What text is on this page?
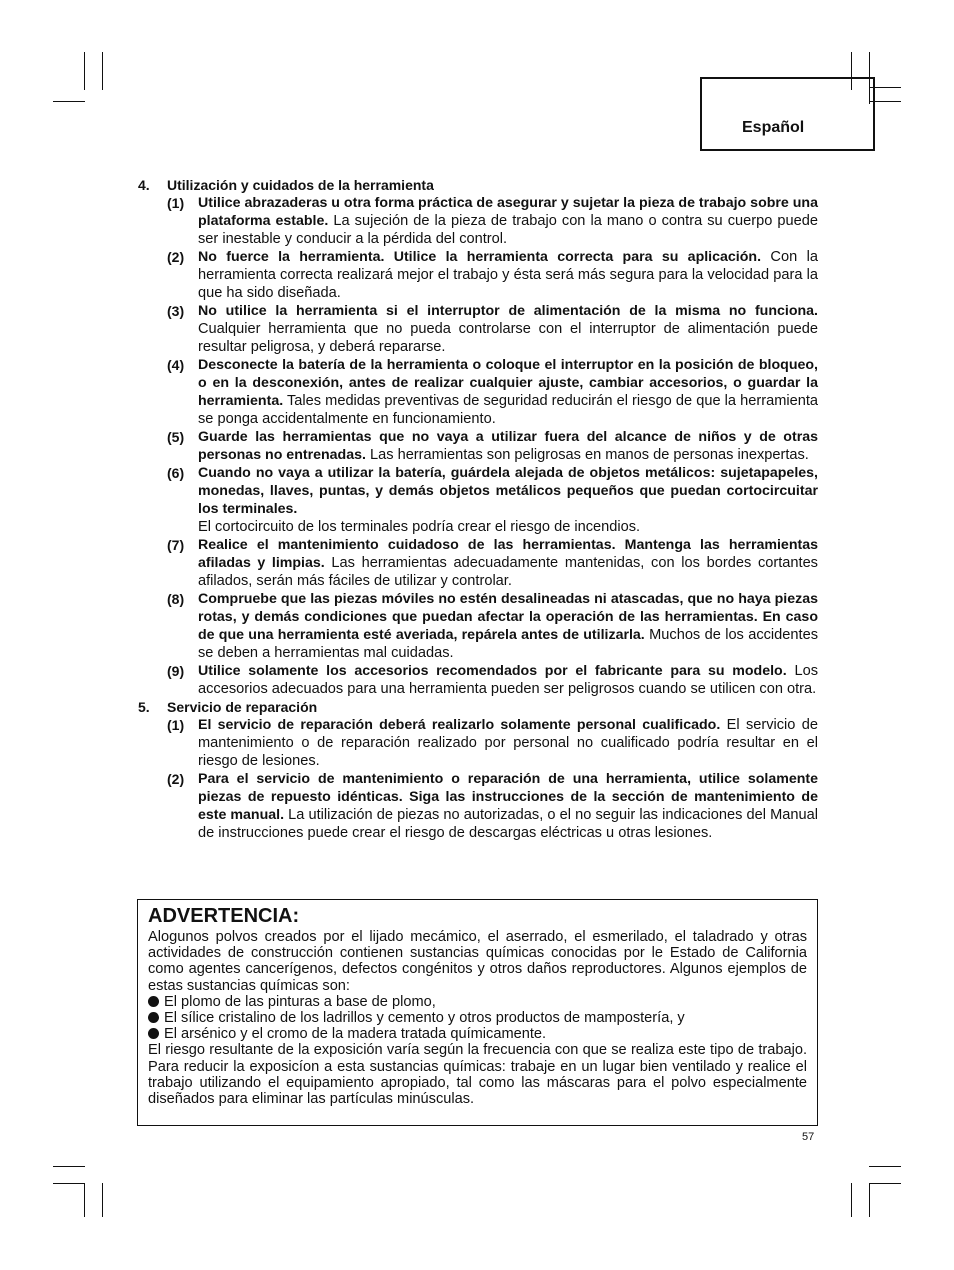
Español
4. Utilización y cuidados de la herramienta
(1) Utilice abrazaderas u otra forma práctica de asegurar y sujetar la pieza de trabajo sobre una plataforma estable. La sujeción de la pieza de trabajo con la mano o contra su cuerpo puede ser inestable y conducir a la pérdida del control.
(2) No fuerce la herramienta. Utilice la herramienta correcta para su aplicación. Con la herramienta correcta realizará mejor el trabajo y ésta será más segura para la velocidad para la que ha sido diseñada.
(3) No utilice la herramienta si el interruptor de alimentación de la misma no funciona. Cualquier herramienta que no pueda controlarse con el interruptor de alimentación puede resultar peligrosa, y deberá repararse.
(4) Desconecte la batería de la herramienta o coloque el interruptor en la posición de bloqueo, o en la desconexión, antes de realizar cualquier ajuste, cambiar accesorios, o guardar la herramienta. Tales medidas preventivas de seguridad reducirán el riesgo de que la herramienta se ponga accidentalmente en funcionamiento.
(5) Guarde las herramientas que no vaya a utilizar fuera del alcance de niños y de otras personas no entrenadas. Las herramientas son peligrosas en manos de personas inexpertas.
(6) Cuando no vaya a utilizar la batería, guárdela alejada de objetos metálicos: sujetapapeles, monedas, llaves, puntas, y demás objetos metálicos pequeños que puedan cortocircuitar los terminales.
El cortocircuito de los terminales podría crear el riesgo de incendios.
(7) Realice el mantenimiento cuidadoso de las herramientas. Mantenga las herramientas afiladas y limpias. Las herramientas adecuadamente mantenidas, con los bordes cortantes afilados, serán más fáciles de utilizar y controlar.
(8) Compruebe que las piezas móviles no estén desalineadas ni atascadas, que no haya piezas rotas, y demás condiciones que puedan afectar la operación de las herramientas. En caso de que una herramienta esté averiada, repárela antes de utilizarla. Muchos de los accidentes se deben a herramientas mal cuidadas.
(9) Utilice solamente los accesorios recomendados por el fabricante para su modelo. Los accesorios adecuados para una herramienta pueden ser peligrosos cuando se utilicen con otra.
5. Servicio de reparación
(1) El servicio de reparación deberá realizarlo solamente personal cualificado. El servicio de mantenimiento o de reparación realizado por personal no cualificado podría resultar en el riesgo de lesiones.
(2) Para el servicio de mantenimiento o reparación de una herramienta, utilice solamente piezas de repuesto idénticas. Siga las instrucciones de la sección de mantenimiento de este manual. La utilización de piezas no autorizadas, o el no seguir las indicaciones del Manual de instrucciones puede crear el riesgo de descargas eléctricas u otras lesiones.
ADVERTENCIA:
Alogunos polvos creados por el lijado mecámico, el aserrado, el esmerilado, el taladrado y otras actividades de construcción contienen sustancias químicas conocidas por le Estado de California como agentes cancerígenos, defectos congénitos y otros daños reproductores. Algunos ejemplos de estas sustancias químicas son:
El plomo de las pinturas a base de plomo,
El sílice cristalino de los ladrillos y cemento y otros productos de mampostería, y
El arsénico y el cromo de la madera tratada químicamente.
El riesgo resultante de la exposición varía según la frecuencia con que se realiza este tipo de trabajo. Para reducir la exposicíon a esta sustancias químicas: trabaje en un lugar bien ventilado y realice el trabajo utilizando el equipamiento apropiado, tal como las máscaras para el polvo especialmente diseñados para eliminar las partículas minúsculas.
57
